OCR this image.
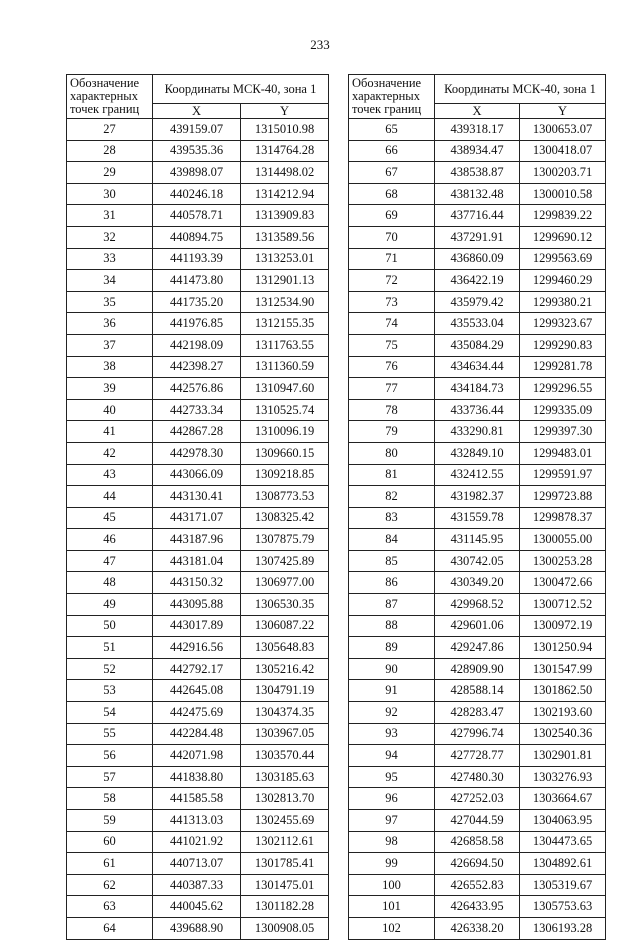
233
Обозначение
характерных
точек границ	Координаты МСК-40, зона 1	
	X	Y
27	439159.07	1315010.98
28	439535.36	1314764.28
29	439898.07	1314498.02
30	440246.18	1314212.94
31	440578.71	1313909.83
32	440894.75	1313589.56
33	441193.39	1313253.01
34	441473.80	1312901.13
35	441735.20	1312534.90
36	441976.85	1312155.35
37	442198.09	1311763.55
38	442398.27	1311360.59
39	442576.86	1310947.60
40	442733.34	1310525.74
41	442867.28	1310096.19
42	442978.30	1309660.15
43	443066.09	1309218.85
44	443130.41	1308773.53
45	443171.07	1308325.42
46	443187.96	1307875.79
47	443181.04	1307425.89
48	443150.32	1306977.00
49	443095.88	1306530.35
50	443017.89	1306087.22
51	442916.56	1305648.83
52	442792.17	1305216.42
53	442645.08	1304791.19
54	442475.69	1304374.35
55	442284.48	1303967.05
56	442071.98	1303570.44
57	441838.80	1303185.63
58	441585.58	1302813.70
59	441313.03	1302455.69
60	441021.92	1302112.61
61	440713.07	1301785.41
62	440387.33	1301475.01
63	440045.62	1301182.28
64	439688.90	1300908.05
Обозначение
характерных
точек границ	Координаты МСК-40, зона 1	
	X	Y
65	439318.17	1300653.07
66	438934.47	1300418.07
67	438538.87	1300203.71
68	438132.48	1300010.58
69	437716.44	1299839.22
70	437291.91	1299690.12
71	436860.09	1299563.69
72	436422.19	1299460.29
73	435979.42	1299380.21
74	435533.04	1299323.67
75	435084.29	1299290.83
76	434634.44	1299281.78
77	434184.73	1299296.55
78	433736.44	1299335.09
79	433290.81	1299397.30
80	432849.10	1299483.01
81	432412.55	1299591.97
82	431982.37	1299723.88
83	431559.78	1299878.37
84	431145.95	1300055.00
85	430742.05	1300253.28
86	430349.20	1300472.66
87	429968.52	1300712.52
88	429601.06	1300972.19
89	429247.86	1301250.94
90	428909.90	1301547.99
91	428588.14	1301862.50
92	428283.47	1302193.60
93	427996.74	1302540.36
94	427728.77	1302901.81
95	427480.30	1303276.93
96	427252.03	1303664.67
97	427044.59	1304063.95
98	426858.58	1304473.65
99	426694.50	1304892.61
100	426552.83	1305319.67
101	426433.95	1305753.63
102	426338.20	1306193.28
